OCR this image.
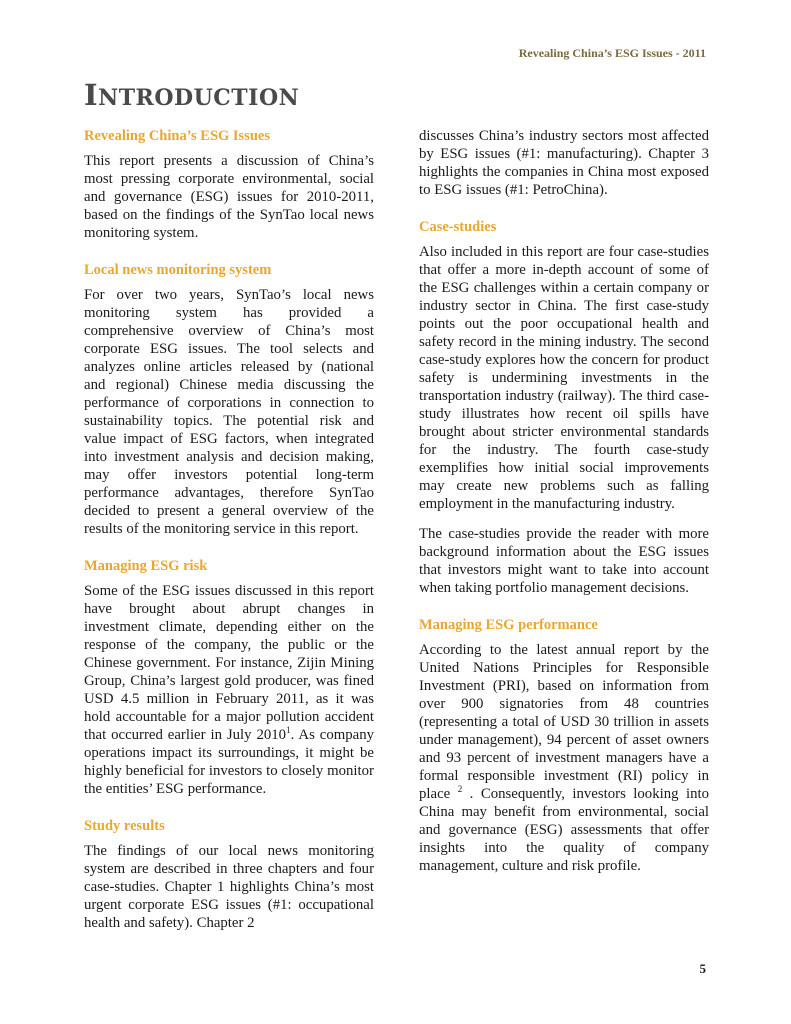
Revealing China’s ESG Issues - 2011
INTRODUCTION
Revealing China’s ESG Issues

This report presents a discussion of China’s most pressing corporate environmental, social and governance (ESG) issues for 2010-2011, based on the findings of the SynTao local news monitoring system.

Local news monitoring system

For over two years, SynTao’s local news monitoring system has provided a comprehensive overview of China’s most corporate ESG issues. The tool selects and analyzes online articles released by (national and regional) Chinese media discussing the performance of corporations in connection to sustainability topics. The potential risk and value impact of ESG factors, when integrated into investment analysis and decision making, may offer investors potential long-term performance advantages, therefore SynTao decided to present a general overview of the results of the monitoring service in this report.

Managing ESG risk

Some of the ESG issues discussed in this report have brought about abrupt changes in investment climate, depending either on the response of the company, the public or the Chinese government. For instance, Zijin Mining Group, China’s largest gold producer, was fined USD 4.5 million in February 2011, as it was hold accountable for a major pollution accident that occurred earlier in July 2010$^1$. As company operations impact its surroundings, it might be highly beneficial for investors to closely monitor the entities’ ESG performance.

Study results

The findings of our local news monitoring system are described in three chapters and four case-studies. Chapter 1 highlights China’s most urgent corporate ESG issues (#1: occupational health and safety). Chapter 2

discusses China’s industry sectors most affected by ESG issues (#1: manufacturing). Chapter 3 highlights the companies in China most exposed to ESG issues (#1: PetroChina).

Case-studies

Also included in this report are four case-studies that offer a more in-depth account of some of the ESG challenges within a certain company or industry sector in China. The first case-study points out the poor occupational health and safety record in the mining industry. The second case-study explores how the concern for product safety is undermining investments in the transportation industry (railway). The third case-study illustrates how recent oil spills have brought about stricter environmental standards for the industry. The fourth case-study exemplifies how initial social improvements may create new problems such as falling employment in the manufacturing industry.

The case-studies provide the reader with more background information about the ESG issues that investors might want to take into account when taking portfolio management decisions.

Managing ESG performance

According to the latest annual report by the United Nations Principles for Responsible Investment (PRI), based on information from over 900 signatories from 48 countries (representing a total of USD 30 trillion in assets under management), 94 percent of asset owners and 93 percent of investment managers have a formal responsible investment (RI) policy in place $^2$ . Consequently, investors looking into China may benefit from environmental, social and governance (ESG) assessments that offer insights into the quality of company management, culture and risk profile.

5
